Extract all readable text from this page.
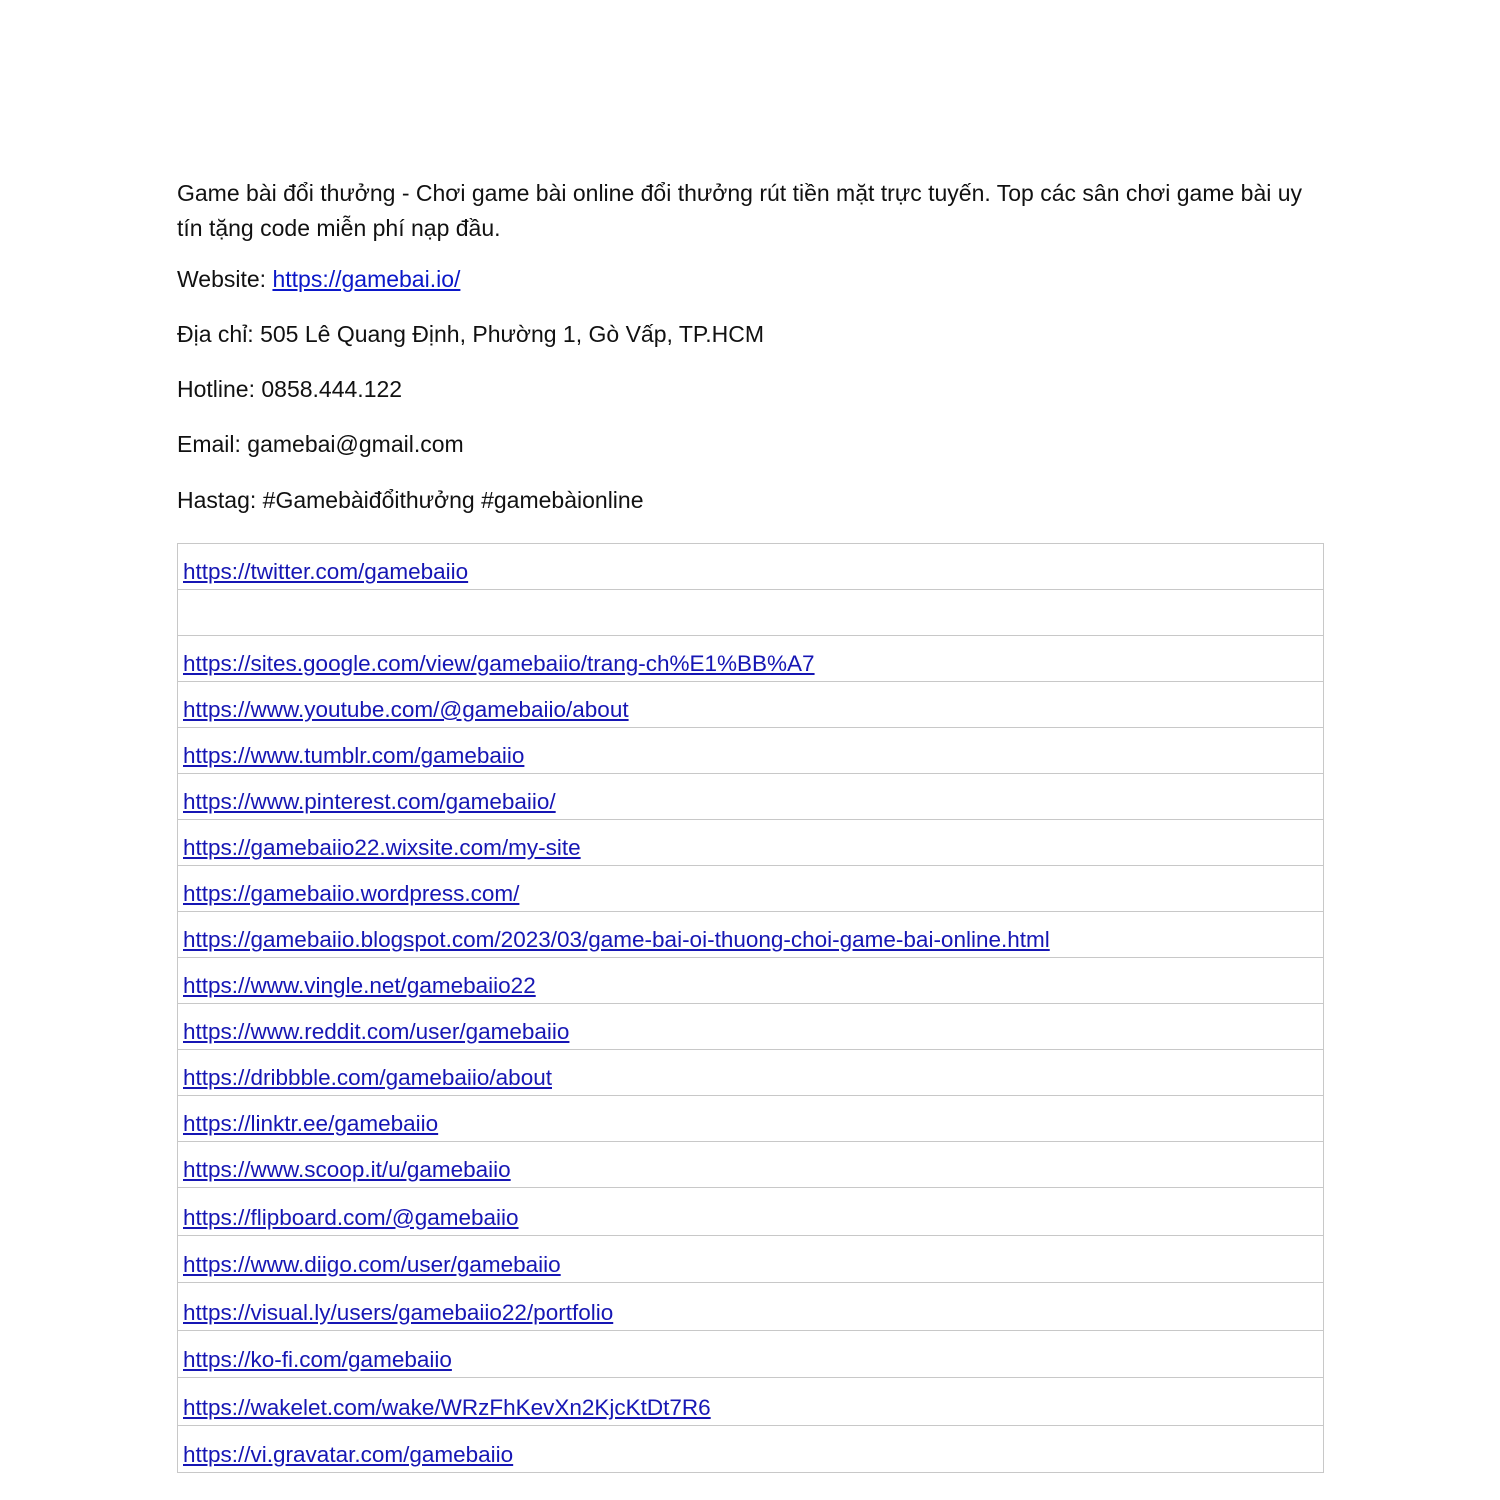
Game bài đổi thưởng - Chơi game bài online đổi thưởng rút tiền mặt trực tuyến. Top các sân chơi game bài uy tín tặng code miễn phí nạp đầu.
Website: https://gamebai.io/
Địa chỉ: 505 Lê Quang Định, Phường 1, Gò Vấp, TP.HCM
Hotline: 0858.444.122
Email: gamebai@gmail.com
Hastag: #Gamebàiđổithưởng #gamebàionline
https://twitter.com/gamebaiio

https://sites.google.com/view/gamebaiio/trang-ch%E1%BB%A7
https://www.youtube.com/@gamebaiio/about
https://www.tumblr.com/gamebaiio
https://www.pinterest.com/gamebaiio/
https://gamebaiio22.wixsite.com/my-site
https://gamebaiio.wordpress.com/
https://gamebaiio.blogspot.com/2023/03/game-bai-oi-thuong-choi-game-bai-online.html
https://www.vingle.net/gamebaiio22
https://www.reddit.com/user/gamebaiio
https://dribbble.com/gamebaiio/about
https://linktr.ee/gamebaiio
https://www.scoop.it/u/gamebaiio
https://flipboard.com/@gamebaiio
https://www.diigo.com/user/gamebaiio
https://visual.ly/users/gamebaiio22/portfolio
https://ko-fi.com/gamebaiio
https://wakelet.com/wake/WRzFhKevXn2KjcKtDt7R6
https://vi.gravatar.com/gamebaiio
